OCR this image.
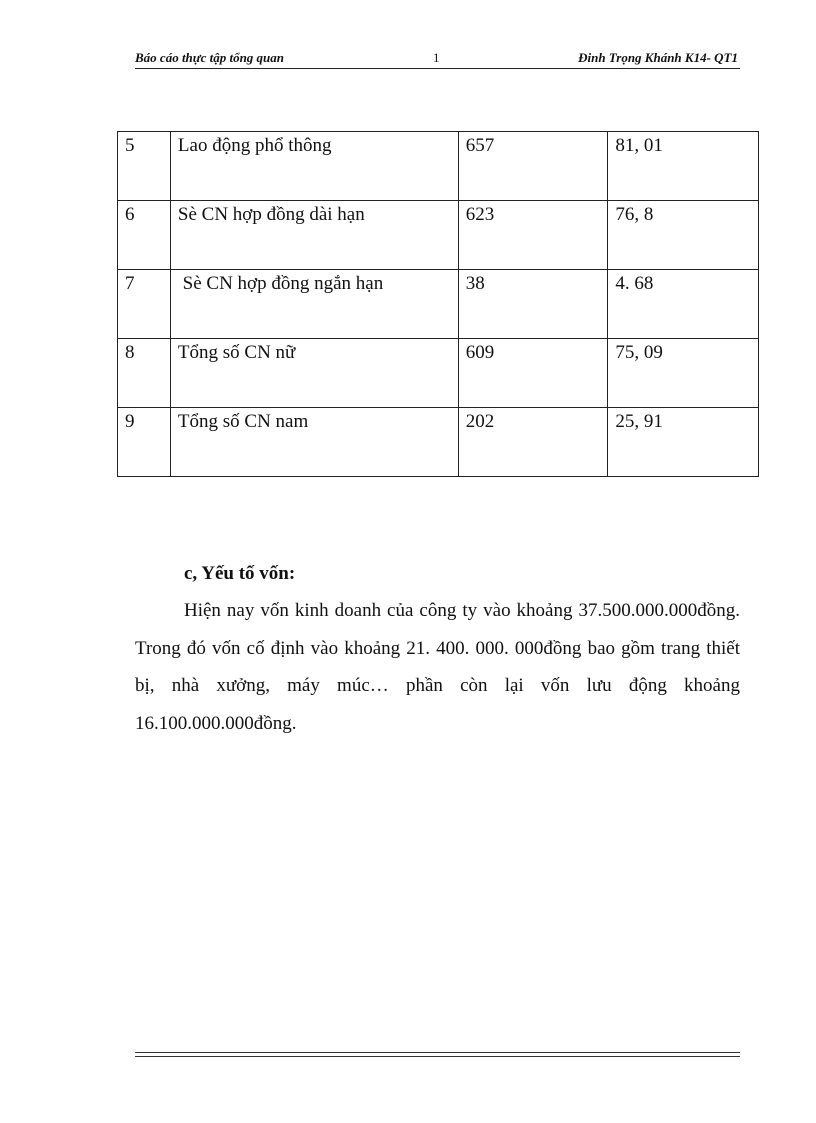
Báo cáo thực tập tổng quan	1	Đinh Trọng Khánh K14- QT1
5	Lao động phổ thông	657	81, 01
6	Sè CN hợp đồng dài hạn	623	76, 8
7	Sè CN hợp đồng ngắn hạn	38	4. 68
8	Tổng số CN nữ	609	75, 09
9	Tổng số CN nam	202	25, 91
c, Yếu tố vốn:
Hiện nay vốn kinh doanh của công ty vào khoảng 37.500.000.000đồng. Trong đó vốn cố định vào khoảng 21. 400. 000. 000đồng bao gồm trang thiết bị, nhà xưởng, máy múc… phần còn lại vốn lưu động khoảng 16.100.000.000đồng.
